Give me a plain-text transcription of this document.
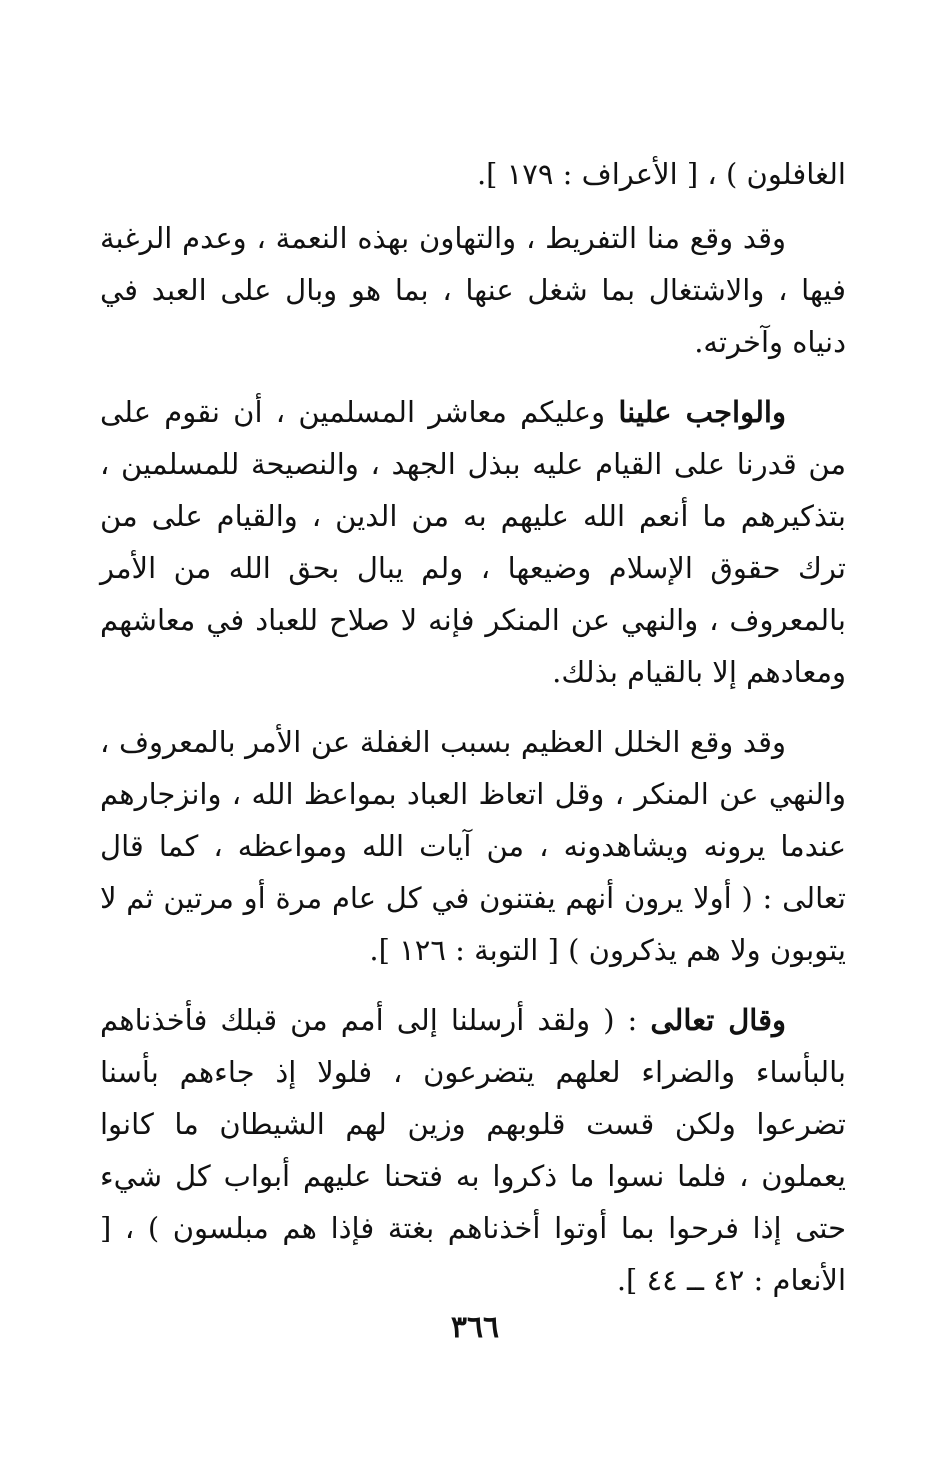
الغافلون ) ، [ الأعراف : ١٧٩ ].

وقد وقع منا التفريط ، والتهاون بهذه النعمة ، وعدم الرغبة فيها ، والاشتغال بما شغل عنها ، بما هو وبال على العبد في دنياه وآخرته.

والواجب علينا وعليكم معاشر المسلمين ، أن نقوم على من قدرنا على القيام عليه ببذل الجهد ، والنصيحة للمسلمين ، بتذكيرهم ما أنعم الله عليهم به من الدين ، والقيام على من ترك حقوق الإسلام وضيعها ، ولم يبال بحق الله من الأمر بالمعروف ، والنهي عن المنكر فإنه لا صلاح للعباد في معاشهم ومعادهم إلا بالقيام بذلك.

وقد وقع الخلل العظيم بسبب الغفلة عن الأمر بالمعروف ، والنهي عن المنكر ، وقل اتعاظ العباد بمواعظ الله ، وانزجارهم عندما يرونه ويشاهدونه ، من آيات الله ومواعظه ، كما قال تعالى : ( أولا يرون أنهم يفتنون في كل عام مرة أو مرتين ثم لا يتوبون ولا هم يذكرون ) [ التوبة : ١٢٦ ].

وقال تعالى : ( ولقد أرسلنا إلى أمم من قبلك فأخذناهم بالبأساء والضراء لعلهم يتضرعون ، فلولا إذ جاءهم بأسنا تضرعوا ولكن قست قلوبهم وزين لهم الشيطان ما كانوا يعملون ، فلما نسوا ما ذكروا به فتحنا عليهم أبواب كل شيء حتى إذا فرحوا بما أوتوا أخذناهم بغتة فإذا هم مبلسون ) ، [ الأنعام : ٤٢ ــ ٤٤ ].

٣٦٦
